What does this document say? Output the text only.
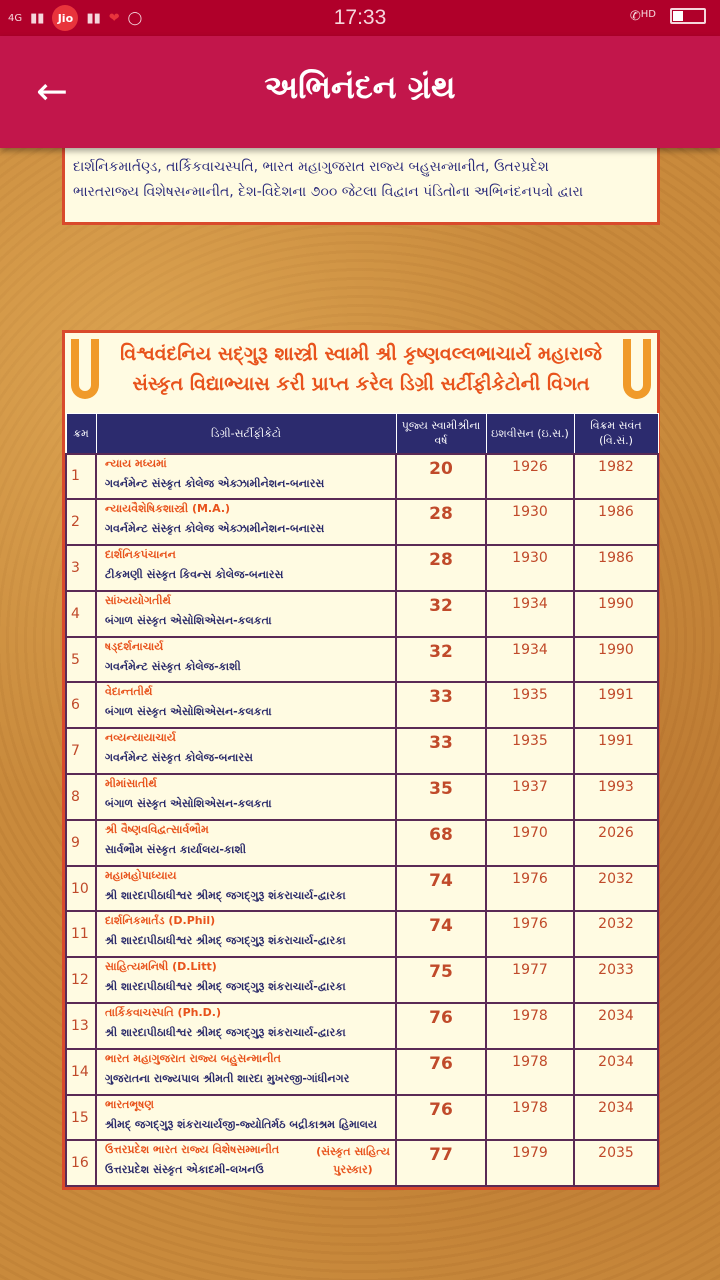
4G ▮▮	Jio	▮▮ ❤ ◯	17:33	✆$^{HD}$
←	અભિનંદન ગ્રંથ
દાર્શનિકમાર્તણ્ડ, તાર્કિકવાચસ્પતિ, ભારત મહાગુજરાત રાજ્ય બહુસન્માનીત, ઉતરપ્રદેશ
ભારતરાજ્ય વિશેષસન્માનીત, દેશ-વિદેશના ૭૦૦ જેટલા વિદ્વાન પંડિતોના અભિનંદનપત્રો દ્વારા
વિશ્વવંદનિય સદ્ગુરૂ શાસ્ત્રી સ્વામી શ્રી કૃષ્ણવલ્લભાચાર્ય મહારાજે
સંસ્કૃત વિદ્યાભ્યાસ કરી પ્રાપ્ત કરેલ ડિગ્રી સર્ટીફીકેટોની વિગત
ક્રમ	ડિગ્રી-સર્ટીફીકેટો	પૂજ્ય સ્વામીશ્રીના વર્ષ	ઇશવીસન (ઇ.સ.)	વિક્રમ સવંત (વિ.સં.)
1	ન્યાય મધ્યમાં
ગવર્નમેન્ટ સંસ્કૃત કોલેજ એક્ઝામીનેશન-બનારસ	20	1926	1982
2	ન્યાયવૈશેષિકશાસ્ત્રી (M.A.)
ગવર્નમેન્ટ સંસ્કૃત કોલેજ એક્ઝામીનેશન-બનારસ	28	1930	1986
3	દાર્શનિકપંચાનન
ટીકમણી સંસ્કૃત કિવન્સ કોલેજ-બનારસ	28	1930	1986
4	સાંખ્યયોગતીર્થ
બંગાળ સંસ્કૃત એસોશિએસન-કલકતા	32	1934	1990
5	ષડ્દર્શનાચાર્ય
ગવર્નમેન્ટ સંસ્કૃત કોલેજ-કાશી	32	1934	1990
6	વેદાન્તતીર્થ
બંગાળ સંસ્કૃત એસોશિએસન-કલકતા	33	1935	1991
7	નવ્યન્યાયાચાર્ય
ગવર્નમેન્ટ સંસ્કૃત કોલેજ-બનારસ	33	1935	1991
8	મીમાંસાતીર્થ
બંગાળ સંસ્કૃત એસોશિએસન-કલકતા	35	1937	1993
9	શ્રી વૈષ્ણવવિદ્વત્સાર્વભૌમ
સાર્વભૌમ સંસ્કૃત કાર્યાલય-કાશી	68	1970	2026
10	મહામહોપાધ્યાય
શ્રી શારદાપીઠાધીશ્વર શ્રીમદ્ જગદ્ગુરૂ શંકરાચાર્ય-દ્વારકા	74	1976	2032
11	દાર્શનિકમાર્તંડ (D.Phil)
શ્રી શારદાપીઠાધીશ્વર શ્રીમદ્ જગદ્ગુરૂ શંકરાચાર્ય-દ્વારકા	74	1976	2032
12	સાહિત્યમનિષી (D.Litt)
શ્રી શારદાપીઠાધીશ્વર શ્રીમદ્ જગદ્ગુરૂ શંકરાચાર્ય-દ્વારકા	75	1977	2033
13	તાર્કિકવાચસ્પતિ (Ph.D.)
શ્રી શારદાપીઠાધીશ્વર શ્રીમદ્ જગદ્ગુરૂ શંકરાચાર્ય-દ્વારકા	76	1978	2034
14	ભારત મહાગુજરાત રાજ્ય બહુસન્માનીત
ગુજરાતના રાજ્યપાલ શ્રીમતી શારદા મુખરજી-ગાંધીનગર	76	1978	2034
15	ભારતભૂષણ
શ્રીમદ્ જગદ્ગુરૂ શંકરાચાર્યજી-જ્યોતિર્મઠ બદ્રીકાશ્રમ હિમાલય	76	1978	2034
16	ઉત્તરપ્રદેશ ભારત રાજ્ય વિશેષસમ્માનીત
ઉત્તરપ્રદેશ સંસ્કૃત એકાદમી-લખનઉ
(સંસ્કૃત સાહિત્ય પુરસ્કાર)	77	1979	2035
